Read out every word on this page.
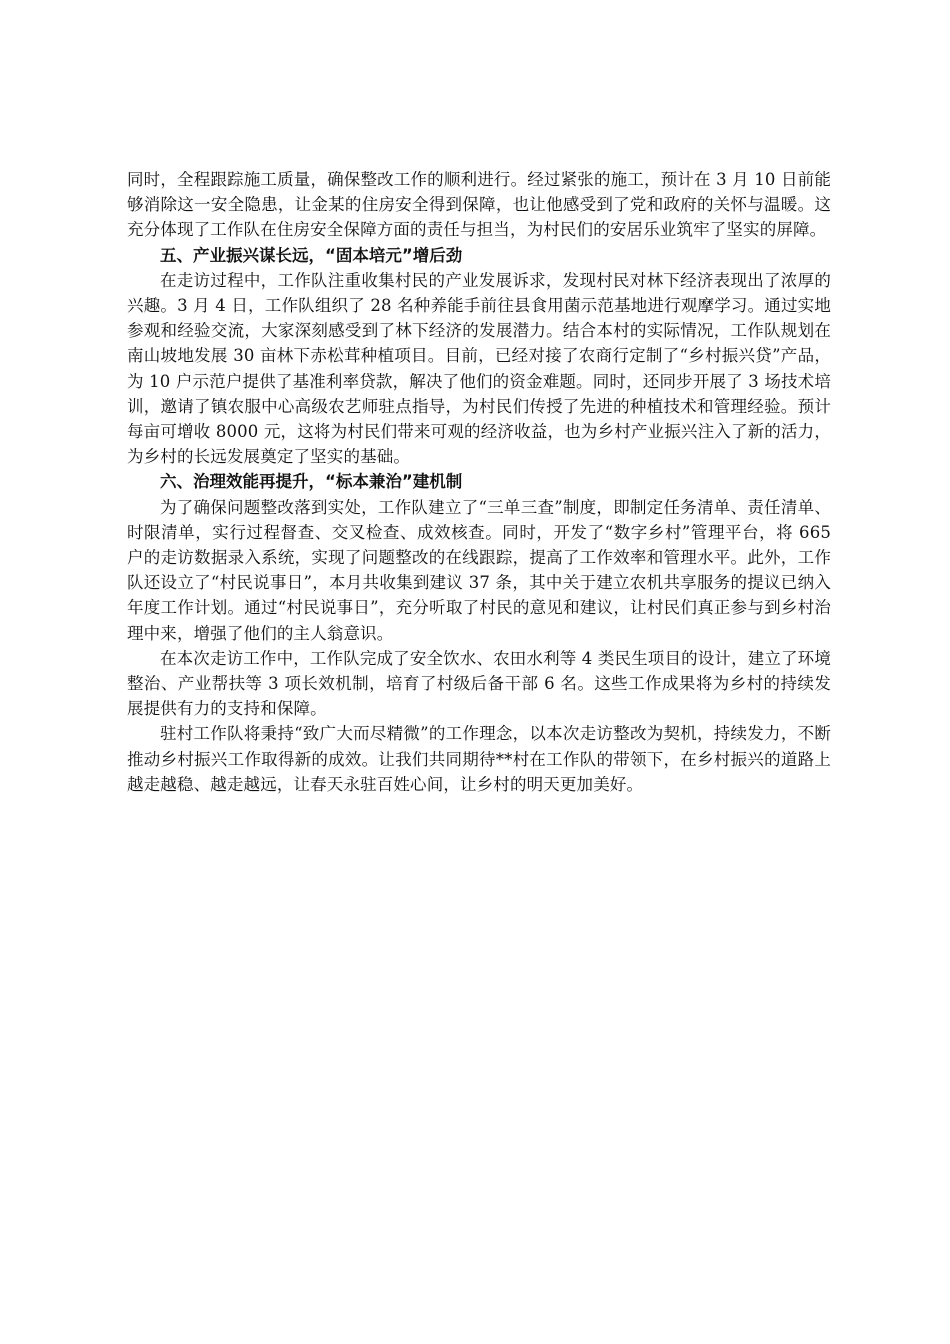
同时，全程跟踪施工质量，确保整改工作的顺利进行。经过紧张的施工，预计在 3 月 10 日前能够消除这一安全隐患，让金某的住房安全得到保障，也让他感受到了党和政府的关怀与温暖。这充分体现了工作队在住房安全保障方面的责任与担当，为村民们的安居乐业筑牢了坚实的屏障。

五、产业振兴谋长远，“固本培元”增后劲

在走访过程中，工作队注重收集村民的产业发展诉求，发现村民对林下经济表现出了浓厚的兴趣。3 月 4 日，工作队组织了 28 名种养能手前往县食用菌示范基地进行观摩学习。通过实地参观和经验交流，大家深刻感受到了林下经济的发展潜力。结合本村的实际情况，工作队规划在南山坡地发展 30 亩林下赤松茸种植项目。目前，已经对接了农商行定制了“乡村振兴贷”产品，为 10 户示范户提供了基准利率贷款，解决了他们的资金难题。同时，还同步开展了 3 场技术培训，邀请了镇农服中心高级农艺师驻点指导，为村民们传授了先进的种植技术和管理经验。预计每亩可增收 8000 元，这将为村民们带来可观的经济收益，也为乡村产业振兴注入了新的活力，为乡村的长远发展奠定了坚实的基础。

六、治理效能再提升，“标本兼治”建机制

为了确保问题整改落到实处，工作队建立了“三单三查”制度，即制定任务清单、责任清单、时限清单，实行过程督查、交叉检查、成效核查。同时，开发了“数字乡村”管理平台，将 665 户的走访数据录入系统，实现了问题整改的在线跟踪，提高了工作效率和管理水平。此外，工作队还设立了“村民说事日”，本月共收集到建议 37 条，其中关于建立农机共享服务的提议已纳入年度工作计划。通过“村民说事日”，充分听取了村民的意见和建议，让村民们真正参与到乡村治理中来，增强了他们的主人翁意识。

在本次走访工作中，工作队完成了安全饮水、农田水利等 4 类民生项目的设计，建立了环境整治、产业帮扶等 3 项长效机制，培育了村级后备干部 6 名。这些工作成果将为乡村的持续发展提供有力的支持和保障。

驻村工作队将秉持“致广大而尽精微”的工作理念，以本次走访整改为契机，持续发力，不断推动乡村振兴工作取得新的成效。让我们共同期待**村在工作队的带领下，在乡村振兴的道路上越走越稳、越走越远，让春天永驻百姓心间，让乡村的明天更加美好。
